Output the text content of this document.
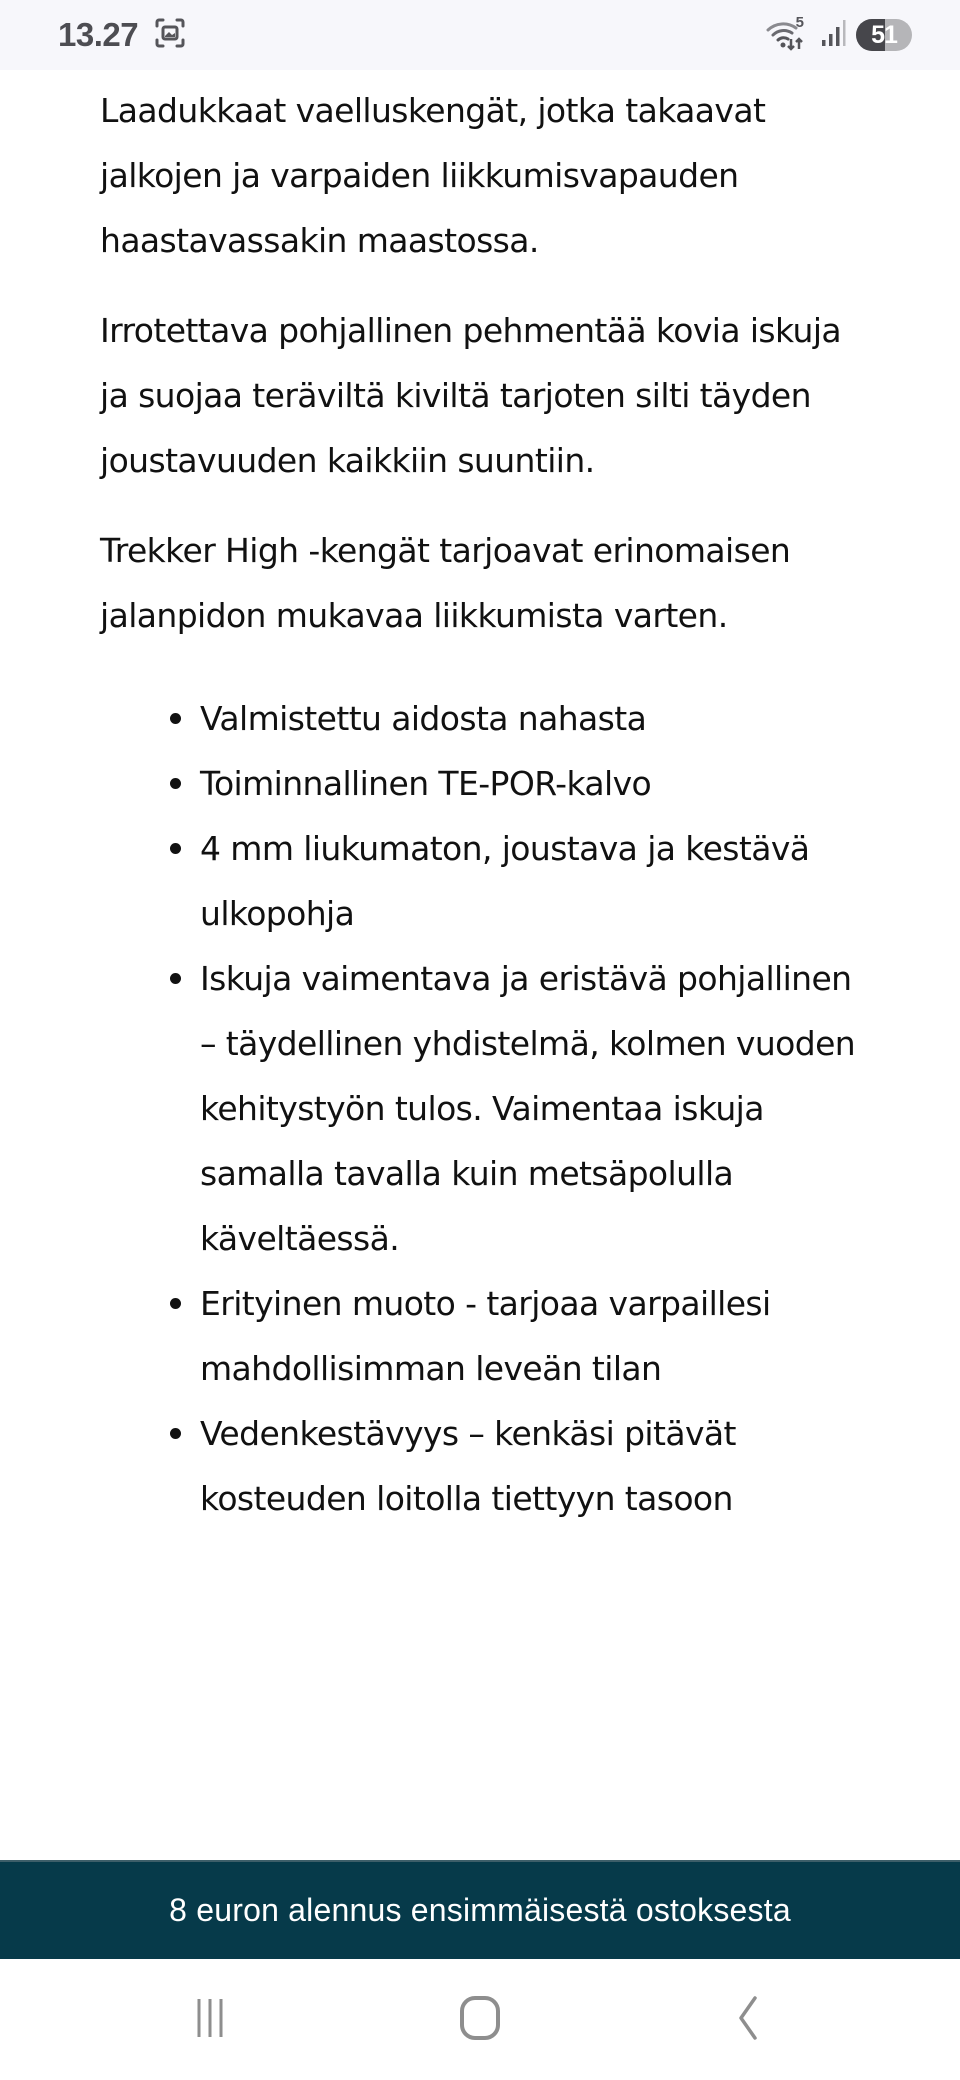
13.27	5	51

Laadukkaat vaelluskengät, jotka takaavat jalkojen ja varpaiden liikkumisvapauden haastavassakin maastossa.

Irrotettava pohjallinen pehmentää kovia iskuja ja suojaa teräviltä kiviltä tarjoten silti täyden joustavuuden kaikkiin suuntiin.

Trekker High -kengät tarjoavat erinomaisen jalanpidon mukavaa liikkumista varten.

Valmistettu aidosta nahasta
Toiminnallinen TE-POR-kalvo
4 mm liukumaton, joustava ja kestävä ulkopohja
Iskuja vaimentava ja eristävä pohjallinen – täydellinen yhdistelmä, kolmen vuoden kehitystyön tulos. Vaimentaa iskuja samalla tavalla kuin metsäpolulla käveltäessä.
Erityinen muoto - tarjoaa varpaillesi mahdollisimman leveän tilan
Vedenkestävyys – kenkäsi pitävät kosteuden loitolla tiettyyn tasoon
8 euron alennus ensimmäisestä ostoksesta
